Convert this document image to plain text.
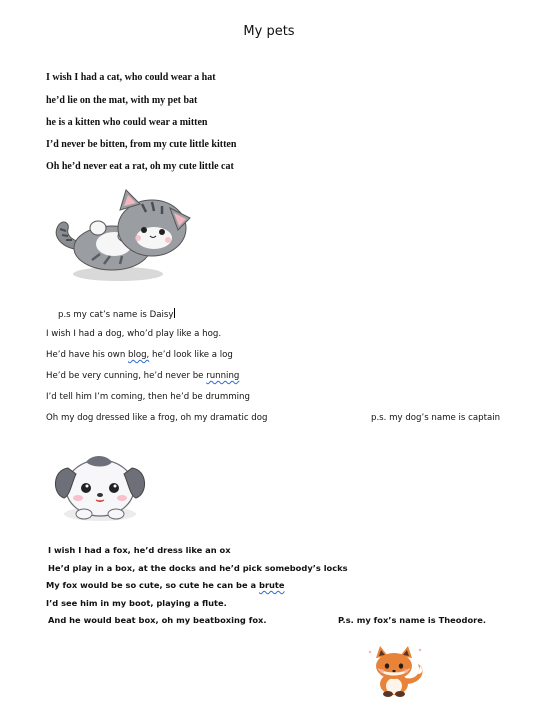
My pets
I wish I had a cat, who could wear a hat
he’d lie on the mat, with my pet bat
he is a kitten who could wear a mitten
I’d never be bitten, from my cute little kitten
Oh he’d never eat a rat, oh my cute little cat
p.s my cat’s name is Daisy
I wish I had a dog, who’d play like a hog.
He’d have his own blog, he’d look like a log
He’d be very cunning, he’d never be running
I’d tell him I’m coming, then he’d be drumming
Oh my dog dressed like a frog, oh my dramatic dog	p.s. my dog’s name is captain
I wish I had a fox, he’d dress like an ox
He’d play in a box, at the docks and he’d pick somebody’s locks
My fox would be so cute, so cute he can be a brute
I’d see him in my boot, playing a flute.
And he would beat box, oh my beatboxing fox.	P.s. my fox’s name is Theodore.
